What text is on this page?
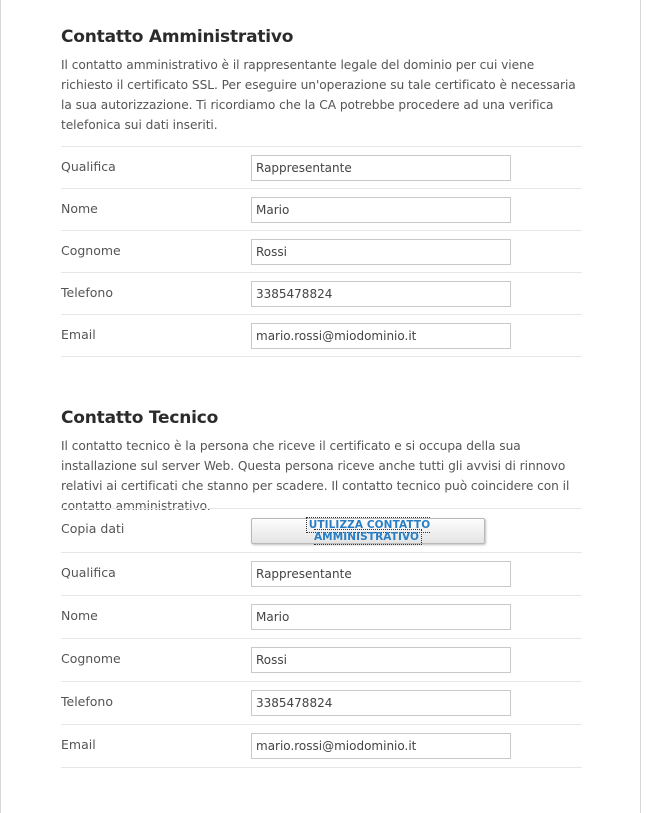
Contatto Amministrativo

Il contatto amministrativo è il rappresentante legale del dominio per cui viene richiesto il certificato SSL. Per eseguire un'operazione su tale certificato è necessaria la sua autorizzazione. Ti ricordiamo che la CA potrebbe procedere ad una verifica telefonica sui dati inseriti.

Qualifica
Rappresentante
Nome
Mario
Cognome
Rossi
Telefono
3385478824
Email
mario.rossi@miodominio.it
Contatto Tecnico

Il contatto tecnico è la persona che riceve il certificato e si occupa della sua installazione sul server Web. Questa persona riceve anche tutti gli avvisi di rinnovo relativi ai certificati che stanno per scadere. Il contatto tecnico può coincidere con il contatto amministrativo.

Copia dati	UTILIZZA CONTATTO AMMINISTRATIVO
Qualifica
Rappresentante
Nome
Mario
Cognome
Rossi
Telefono
3385478824
Email
mario.rossi@miodominio.it
